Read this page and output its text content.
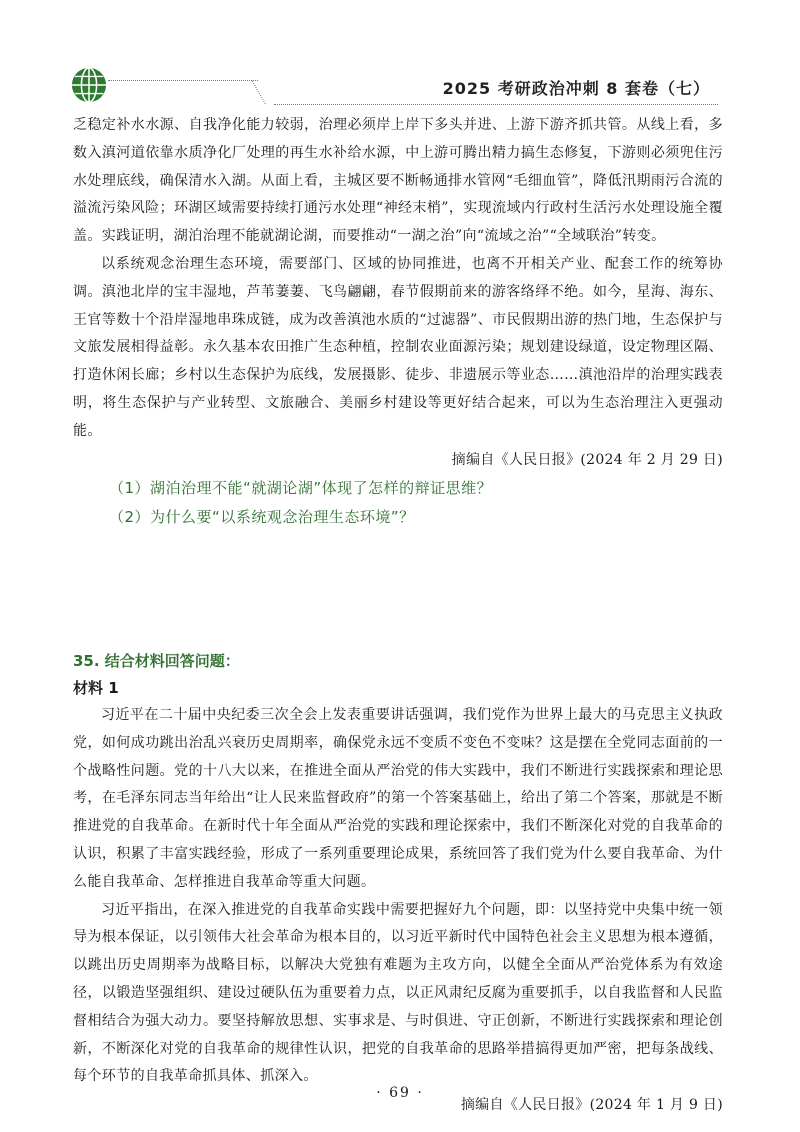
2025 考研政治冲刺 8 套卷（七）

乏稳定补水水源、自我净化能力较弱，治理必须岸上岸下多头并进、上游下游齐抓共管。从线上看，多数入滇河道依靠水质净化厂处理的再生水补给水源，中上游可腾出精力搞生态修复，下游则必须兜住污水处理底线，确保清水入湖。从面上看，主城区要不断畅通排水管网“毛细血管”，降低汛期雨污合流的溢流污染风险；环湖区域需要持续打通污水处理“神经末梢”，实现流域内行政村生活污水处理设施全覆盖。实践证明，湖泊治理不能就湖论湖，而要推动“一湖之治”向“流域之治”“全域联治”转变。

以系统观念治理生态环境，需要部门、区域的协同推进，也离不开相关产业、配套工作的统筹协调。滇池北岸的宝丰湿地，芦苇萋萋、飞鸟翩翩，春节假期前来的游客络绎不绝。如今，星海、海东、王官等数十个沿岸湿地串珠成链，成为改善滇池水质的“过滤器”、市民假期出游的热门地，生态保护与文旅发展相得益彰。永久基本农田推广生态种植，控制农业面源污染；规划建设绿道，设定物理区隔、打造休闲长廊；乡村以生态保护为底线，发展摄影、徒步、非遗展示等业态……滇池沿岸的治理实践表明，将生态保护与产业转型、文旅融合、美丽乡村建设等更好结合起来，可以为生态治理注入更强动能。

摘编自《人民日报》(2024 年 2 月 29 日)

（1）湖泊治理不能“就湖论湖”体现了怎样的辩证思维？

（2）为什么要“以系统观念治理生态环境”？

35. 结合材料回答问题：

材料 1

习近平在二十届中央纪委三次全会上发表重要讲话强调，我们党作为世界上最大的马克思主义执政党，如何成功跳出治乱兴衰历史周期率，确保党永远不变质不变色不变味？这是摆在全党同志面前的一个战略性问题。党的十八大以来，在推进全面从严治党的伟大实践中，我们不断进行实践探索和理论思考，在毛泽东同志当年给出“让人民来监督政府”的第一个答案基础上，给出了第二个答案，那就是不断推进党的自我革命。在新时代十年全面从严治党的实践和理论探索中，我们不断深化对党的自我革命的认识，积累了丰富实践经验，形成了一系列重要理论成果，系统回答了我们党为什么要自我革命、为什么能自我革命、怎样推进自我革命等重大问题。

习近平指出，在深入推进党的自我革命实践中需要把握好九个问题，即：以坚持党中央集中统一领导为根本保证，以引领伟大社会革命为根本目的，以习近平新时代中国特色社会主义思想为根本遵循，以跳出历史周期率为战略目标，以解决大党独有难题为主攻方向，以健全全面从严治党体系为有效途径，以锻造坚强组织、建设过硬队伍为重要着力点，以正风肃纪反腐为重要抓手，以自我监督和人民监督相结合为强大动力。要坚持解放思想、实事求是、与时俱进、守正创新，不断进行实践探索和理论创新，不断深化对党的自我革命的规律性认识，把党的自我革命的思路举措搞得更加严密，把每条战线、每个环节的自我革命抓具体、抓深入。

摘编自《人民日报》(2024 年 1 月 9 日)

· 69 ·
